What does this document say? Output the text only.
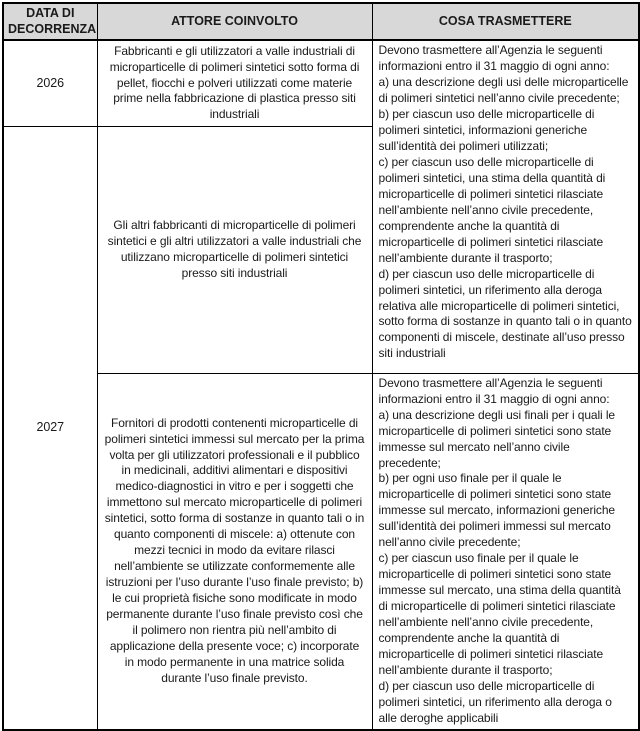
DATA DI DECORRENZA	ATTORE COINVOLTO	COSA TRASMETTERE
2026	Fabbricanti e gli utilizzatori a valle industriali di microparticelle di polimeri sintetici sotto forma di pellet, fiocchi e polveri utilizzati come materie prime nella fabbricazione di plastica presso siti industriali	Devono trasmettere all’Agenzia le seguenti informazioni entro il 31 maggio di ogni anno:
a) una descrizione degli usi delle microparticelle di polimeri sintetici nell’anno civile precedente;
b) per ciascun uso delle microparticelle di polimeri sintetici, informazioni generiche sull’identità dei polimeri utilizzati;
c) per ciascun uso delle microparticelle di polimeri sintetici, una stima della quantità di microparticelle di polimeri sintetici rilasciate nell’ambiente nell’anno civile precedente, comprendente anche la quantità di microparticelle di polimeri sintetici rilasciate nell’ambiente durante il trasporto;
d) per ciascun uso delle microparticelle di polimeri sintetici, un riferimento alla deroga relativa alle microparticelle di polimeri sintetici, sotto forma di sostanze in quanto tali o in quanto componenti di miscele, destinate all’uso presso siti industriali
2027	Gli altri fabbricanti di microparticelle di polimeri sintetici e gli altri utilizzatori a valle industriali che utilizzano microparticelle di polimeri sintetici presso siti industriali	
Fornitori di prodotti contenenti microparticelle di polimeri sintetici immessi sul mercato per la prima volta per gli utilizzatori professionali e il pubblico in medicinali, additivi alimentari e dispositivi medico-diagnostici in vitro e per i soggetti che immettono sul mercato microparticelle di polimeri sintetici, sotto forma di sostanze in quanto tali o in quanto componenti di miscele: a) ottenute con mezzi tecnici in modo da evitare rilasci nell’ambiente se utilizzate conformemente alle istruzioni per l’uso durante l’uso finale previsto; b) le cui proprietà fisiche sono modificate in modo permanente durante l’uso finale previsto così che il polimero non rientra più nell’ambito di applicazione della presente voce; c) incorporate in modo permanente in una matrice solida durante l’uso finale previsto.	Devono trasmettere all’Agenzia le seguenti informazioni entro il 31 maggio di ogni anno:
a) una descrizione degli usi finali per i quali le microparticelle di polimeri sintetici sono state immesse sul mercato nell’anno civile precedente;
b) per ogni uso finale per il quale le microparticelle di polimeri sintetici sono state immesse sul mercato, informazioni generiche sull’identità dei polimeri immessi sul mercato nell’anno civile precedente;
c) per ciascun uso finale per il quale le microparticelle di polimeri sintetici sono state immesse sul mercato, una stima della quantità di microparticelle di polimeri sintetici rilasciate nell’ambiente nell’anno civile precedente, comprendente anche la quantità di microparticelle di polimeri sintetici rilasciate nell’ambiente durante il trasporto;
d) per ciascun uso delle microparticelle di polimeri sintetici, un riferimento alla deroga o alle deroghe applicabili
